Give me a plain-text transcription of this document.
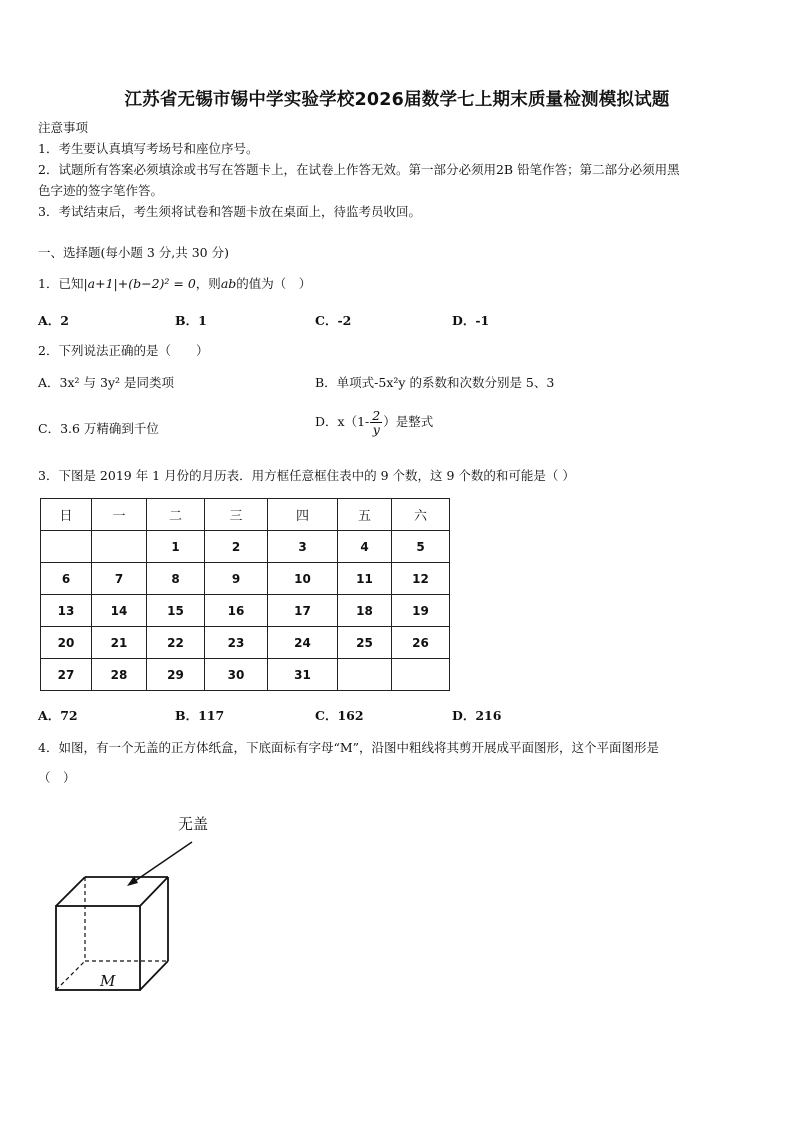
江苏省无锡市锡中学实验学校2026届数学七上期末质量检测模拟试题
注意事项
1．考生要认真填写考场号和座位序号。
2．试题所有答案必须填涂或书写在答题卡上，在试卷上作答无效。第一部分必须用2B 铅笔作答；第二部分必须用黑
色字迹的签字笔作答。
3．考试结束后，考生须将试卷和答题卡放在桌面上，待监考员收回。
一、选择题(每小题 3 分,共 30 分)
1．已知|a+1|+(b−2)² = 0，则ab的值为（　）
A．2	B．1	C．-2	D．-1
2．下列说法正确的是（　　）
A．3x² 与 3y² 是同类项	B．单项式-5x²y 的系数和次数分别是 5、3
C．3.6 万精确到千位	D．$x(1- \frac{2}{y}$ ）是整式
3．下图是 2019 年 1 月份的月历表．用方框任意框住表中的 9 个数，这 9 个数的和可能是（ ）
日	一	二	三	四	五	六
		1	2	3	4	5
6	7	8	9	10	11	12
13	14	15	16	17	18	19
20	21	22	23	24	25	26
27	28	29	30	31		
A．72	B．117	C．162	D．216
4．如图，有一个无盖的正方体纸盒，下底面标有字母“M”，沿图中粗线将其剪开展成平面图形，这个平面图形是
（　）
无盖
M
